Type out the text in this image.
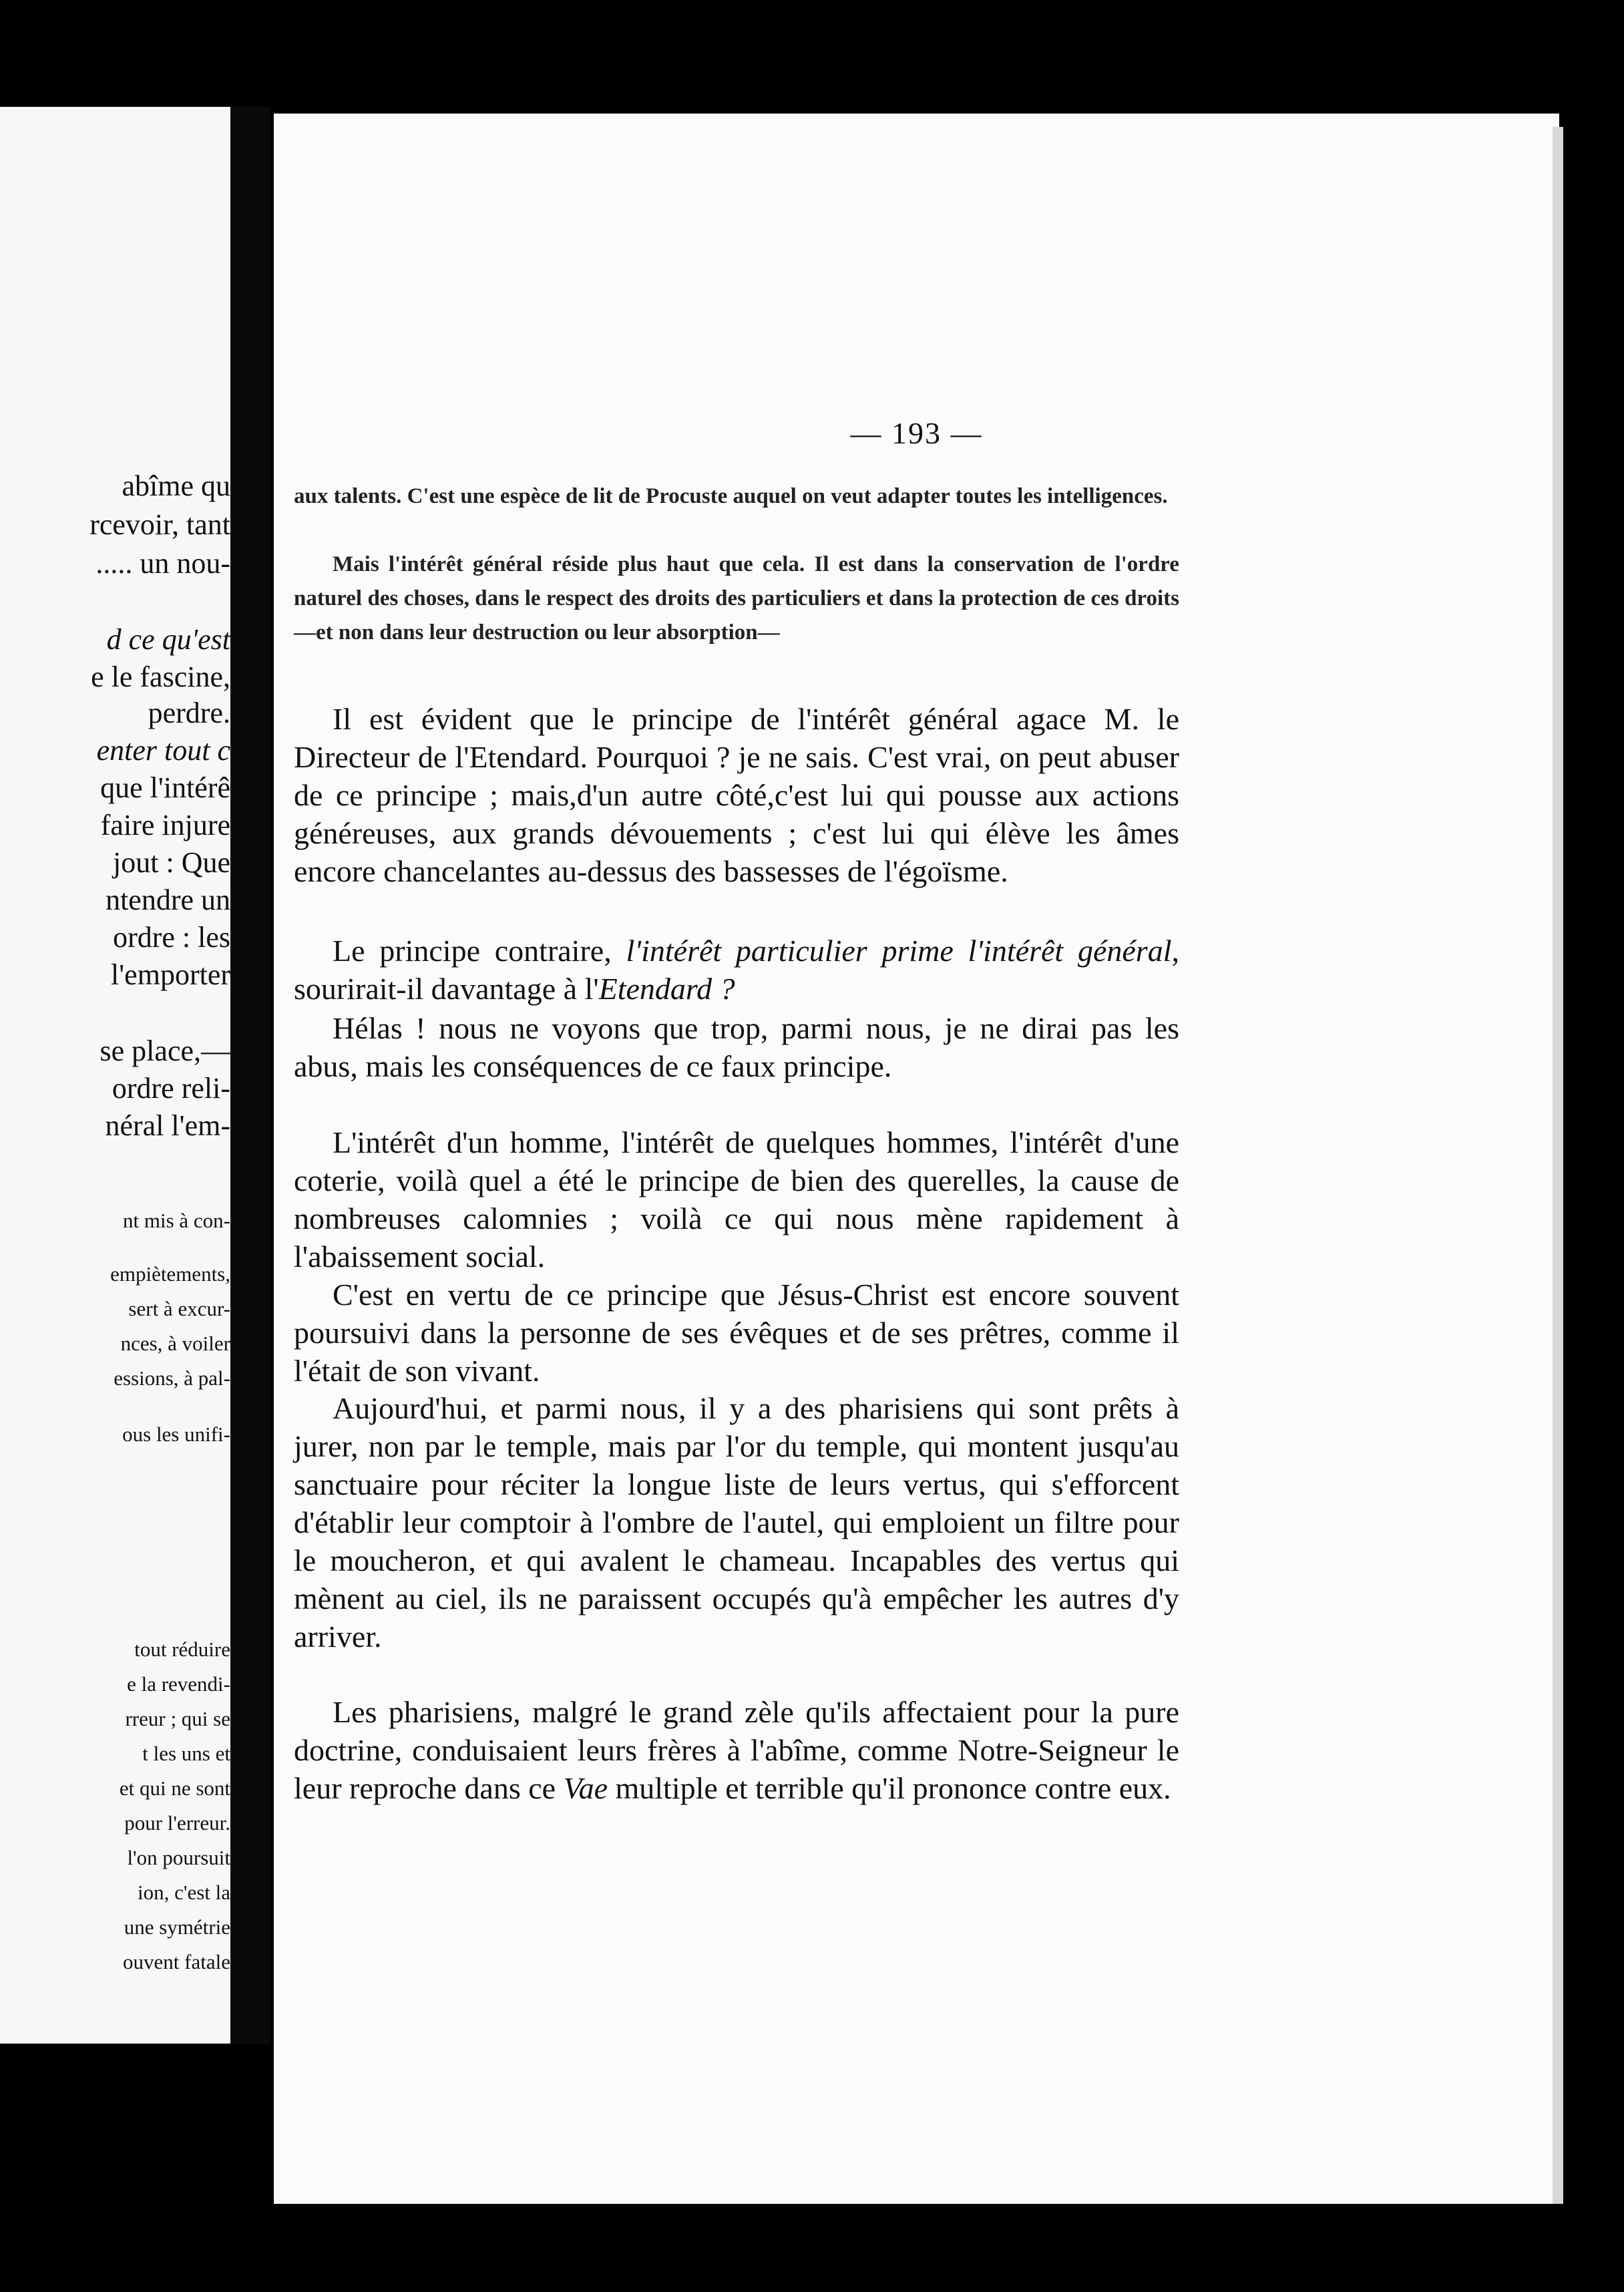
abîme qu
rcevoir, tant
..... un nou-
d ce qu'est
e le fascine,
perdre.
enter tout c
que l'intérê
faire injure
jout : Que
ntendre un
ordre : les
l'emporter
se place,—
ordre reli-
néral l'em-
nt mis à con-
empiètements,
sert à excur-
nces, à voiler
essions, à pal-
ous les unifi-
tout réduire
e la revendi-
rreur ; qui se
t les uns et
et qui ne sont
pour l'erreur.
l'on poursuit
ion, c'est la
une symétrie
ouvent fatale
— 193 —

aux talents. C'est une espèce de lit de Procuste auquel on veut adapter toutes les intelligences.

Mais l'intérêt général réside plus haut que cela. Il est dans la conservation de l'ordre naturel des choses, dans le respect des droits des particuliers et dans la protection de ces droits—et non dans leur destruction ou leur absorption—

Il est évident que le principe de l'intérêt général agace M. le Directeur de l'Etendard. Pourquoi ? je ne sais. C'est vrai, on peut abuser de ce principe ; mais,d'un autre côté,c'est lui qui pousse aux actions généreuses, aux grands dévouements ; c'est lui qui élève les âmes encore chancelantes au-dessus des bassesses de l'égoïsme.

Le principe contraire, l'intérêt particulier prime l'intérêt général, sourirait-il davantage à l'Etendard ?

Hélas ! nous ne voyons que trop, parmi nous, je ne dirai pas les abus, mais les conséquences de ce faux principe.

L'intérêt d'un homme, l'intérêt de quelques hommes, l'intérêt d'une coterie, voilà quel a été le principe de bien des querelles, la cause de nombreuses calomnies ; voilà ce qui nous mène rapidement à l'abaissement social.

C'est en vertu de ce principe que Jésus-Christ est encore souvent poursuivi dans la personne de ses évêques et de ses prêtres, comme il l'était de son vivant.

Aujourd'hui, et parmi nous, il y a des pharisiens qui sont prêts à jurer, non par le temple, mais par l'or du temple, qui montent jusqu'au sanctuaire pour réciter la longue liste de leurs vertus, qui s'efforcent d'établir leur comptoir à l'ombre de l'autel, qui emploient un filtre pour le moucheron, et qui avalent le chameau. Incapables des vertus qui mènent au ciel, ils ne paraissent occupés qu'à empêcher les autres d'y arriver.

Les pharisiens, malgré le grand zèle qu'ils affectaient pour la pure doctrine, conduisaient leurs frères à l'abîme, comme Notre-Seigneur le leur reproche dans ce Vae multiple et terrible qu'il prononce contre eux.
